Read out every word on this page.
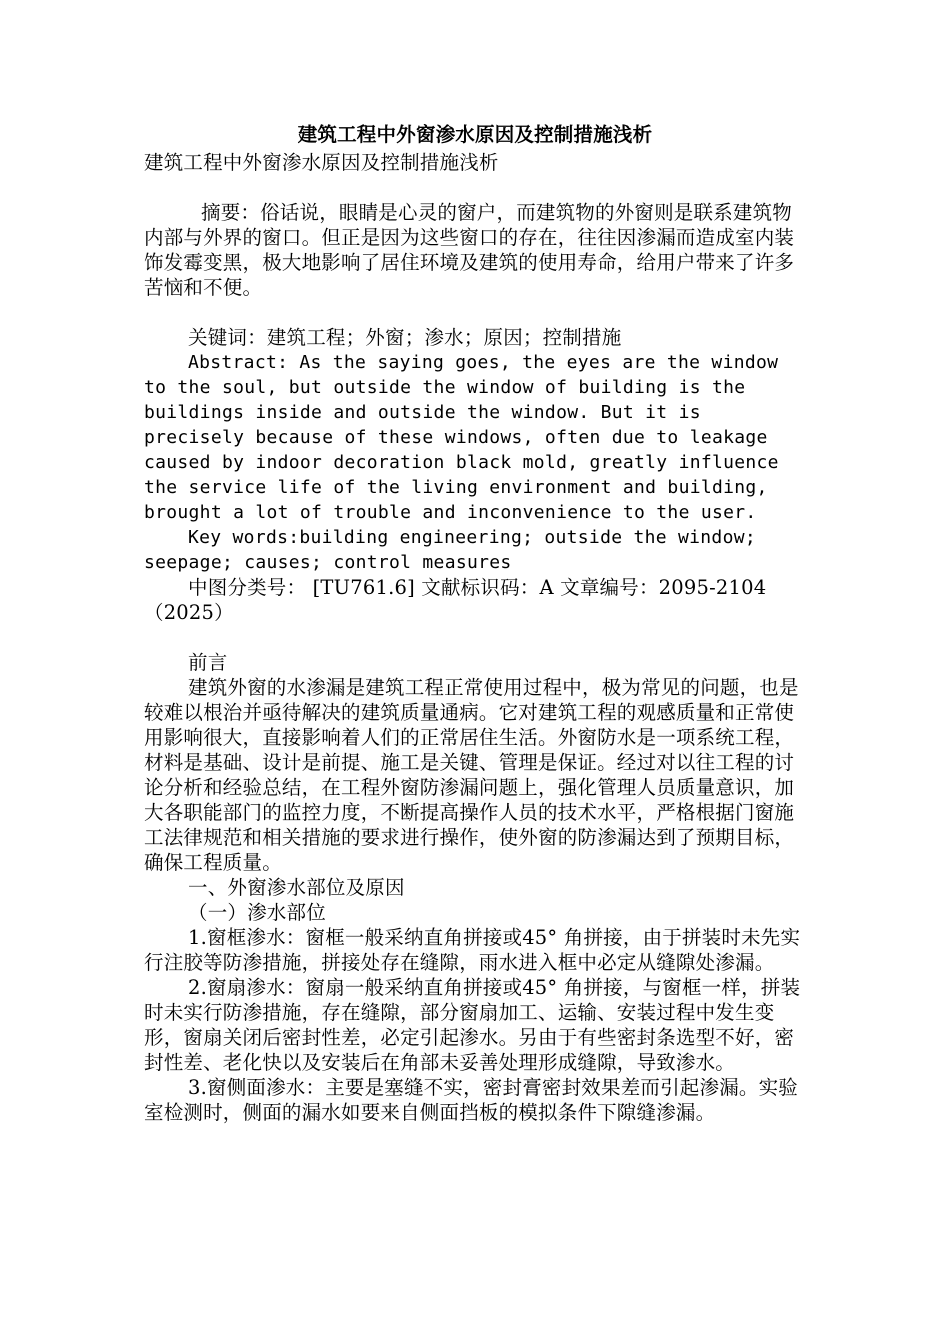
建筑工程中外窗渗水原因及控制措施浅析

建筑工程中外窗渗水原因及控制措施浅析

摘要：俗话说，眼睛是心灵的窗户，而建筑物的外窗则是联系建筑物内部与外界的窗口。但正是因为这些窗口的存在，往往因渗漏而造成室内装饰发霉变黑，极大地影响了居住环境及建筑的使用寿命，给用户带来了许多苦恼和不便。

关键词：建筑工程；外窗；渗水；原因；控制措施

Abstract: As the saying goes, the eyes are the window to the soul, but outside the window of building is the buildings inside and outside the window. But it is precisely because of these windows, often due to leakage caused by indoor decoration black mold, greatly influence the service life of the living environment and building, brought a lot of trouble and inconvenience to the user.

Key words:building engineering; outside the window; seepage; causes; control measures

中图分类号： [TU761.6] 文献标识码：A 文章编号：2095-2104（2025）

前言

建筑外窗的水渗漏是建筑工程正常使用过程中，极为常见的问题，也是较难以根治并亟待解决的建筑质量通病。它对建筑工程的观感质量和正常使用影响很大，直接影响着人们的正常居住生活。外窗防水是一项系统工程，材料是基础、设计是前提、施工是关键、管理是保证。经过对以往工程的讨论分析和经验总结，在工程外窗防渗漏问题上，强化管理人员质量意识，加大各职能部门的监控力度，不断提高操作人员的技术水平，严格根据门窗施工法律规范和相关措施的要求进行操作，使外窗的防渗漏达到了预期目标，确保工程质量。

一、外窗渗水部位及原因

（一）渗水部位

1.窗框渗水：窗框一般采纳直角拼接或45° 角拼接，由于拼装时未先实行注胶等防渗措施，拼接处存在缝隙，雨水进入框中必定从缝隙处渗漏。

2.窗扇渗水：窗扇一般采纳直角拼接或45° 角拼接，与窗框一样，拼装时未实行防渗措施，存在缝隙，部分窗扇加工、运输、安装过程中发生变形，窗扇关闭后密封性差，必定引起渗水。另由于有些密封条选型不好，密封性差、老化快以及安装后在角部未妥善处理形成缝隙，导致渗水。

3.窗侧面渗水：主要是塞缝不实，密封膏密封效果差而引起渗漏。实验室检测时，侧面的漏水如要来自侧面挡板的模拟条件下隙缝渗漏。
